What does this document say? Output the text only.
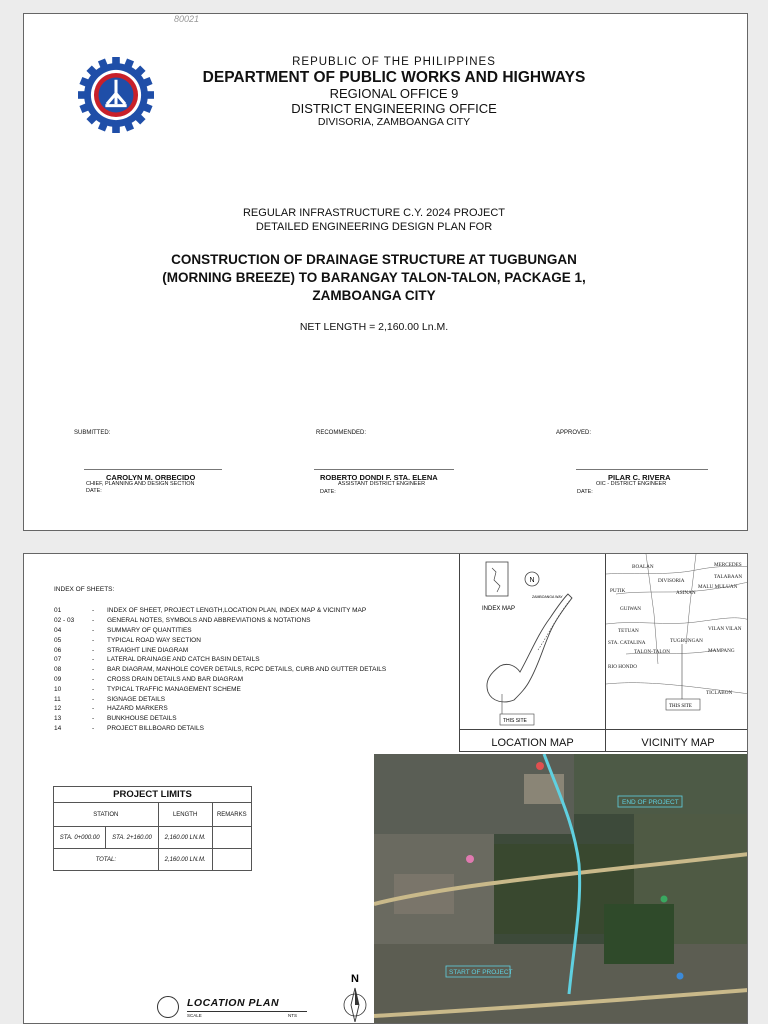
80021
REPUBLIC OF THE PHILIPPINES
DEPARTMENT OF PUBLIC WORKS AND HIGHWAYS
REGIONAL OFFICE 9
DISTRICT ENGINEERING OFFICE
DIVISORIA, ZAMBOANGA CITY
REGULAR INFRASTRUCTURE C.Y. 2024 PROJECT
DETAILED ENGINEERING DESIGN PLAN FOR
CONSTRUCTION OF DRAINAGE STRUCTURE AT TUGBUNGAN
(MORNING BREEZE) TO BARANGAY TALON-TALON, PACKAGE 1,
ZAMBOANGA CITY
NET LENGTH = 2,160.00 Ln.M.
SUBMITTED:	RECOMMENDED:	APPROVED:
CAROLYN M. ORBECIDO
CHIEF, PLANNING AND DESIGN SECTION
DATE:
ROBERTO DONDI F. STA. ELENA
ASSISTANT DISTRICT ENGINEER
DATE:
PILAR C. RIVERA
OIC - DISTRICT ENGINEER
DATE:
INDEX OF SHEETS:
01	-	INDEX OF SHEET, PROJECT LENGTH,LOCATION PLAN, INDEX MAP & VICINITY MAP
02 - 03	-	GENERAL NOTES, SYMBOLS AND ABBREVIATIONS & NOTATIONS
04	-	SUMMARY OF QUANTITIES
05	-	TYPICAL ROAD WAY SECTION
06	-	STRAIGHT LINE DIAGRAM
07	-	LATERAL DRAINAGE AND CATCH BASIN DETAILS
08	-	BAR DIAGRAM, MANHOLE COVER DETAILS, RCPC DETAILS, CURB AND GUTTER DETAILS
09	-	CROSS DRAIN DETAILS AND BAR DIAGRAM
10	-	TYPICAL TRAFFIC MANAGEMENT SCHEME
11	-	SIGNAGE DETAILS
12	-	HAZARD MARKERS
13	-	BUNKHOUSE DETAILS
14	-	PROJECT BILLBOARD DETAILS
N
INDEX MAP
ZAMBOANGA WAY
THIS SITE
LOCATION MAP
THIS SITE
BOALAN	MERCEDES
DIVISORIA
TALABAAN
PUTIK	ASINAN
MALU MULUAN
GUIWAN
TETUAN	VILAN VILAN
STA. CATALINA	TUGBUNGAN
TALON-TALON	MAMPANG
RIO HONDO
TICLABON
VICINITY MAP
PROJECT LIMITS			
STATION		LENGTH	REMARKS
STA. 0+000.00	STA. 2+160.00	2,160.00 LN.M.	
TOTAL:		2,160.00 LN.M.	
END OF PROJECT
START OF PROJECT
N
LOCATION PLAN
SCALE	NTS
